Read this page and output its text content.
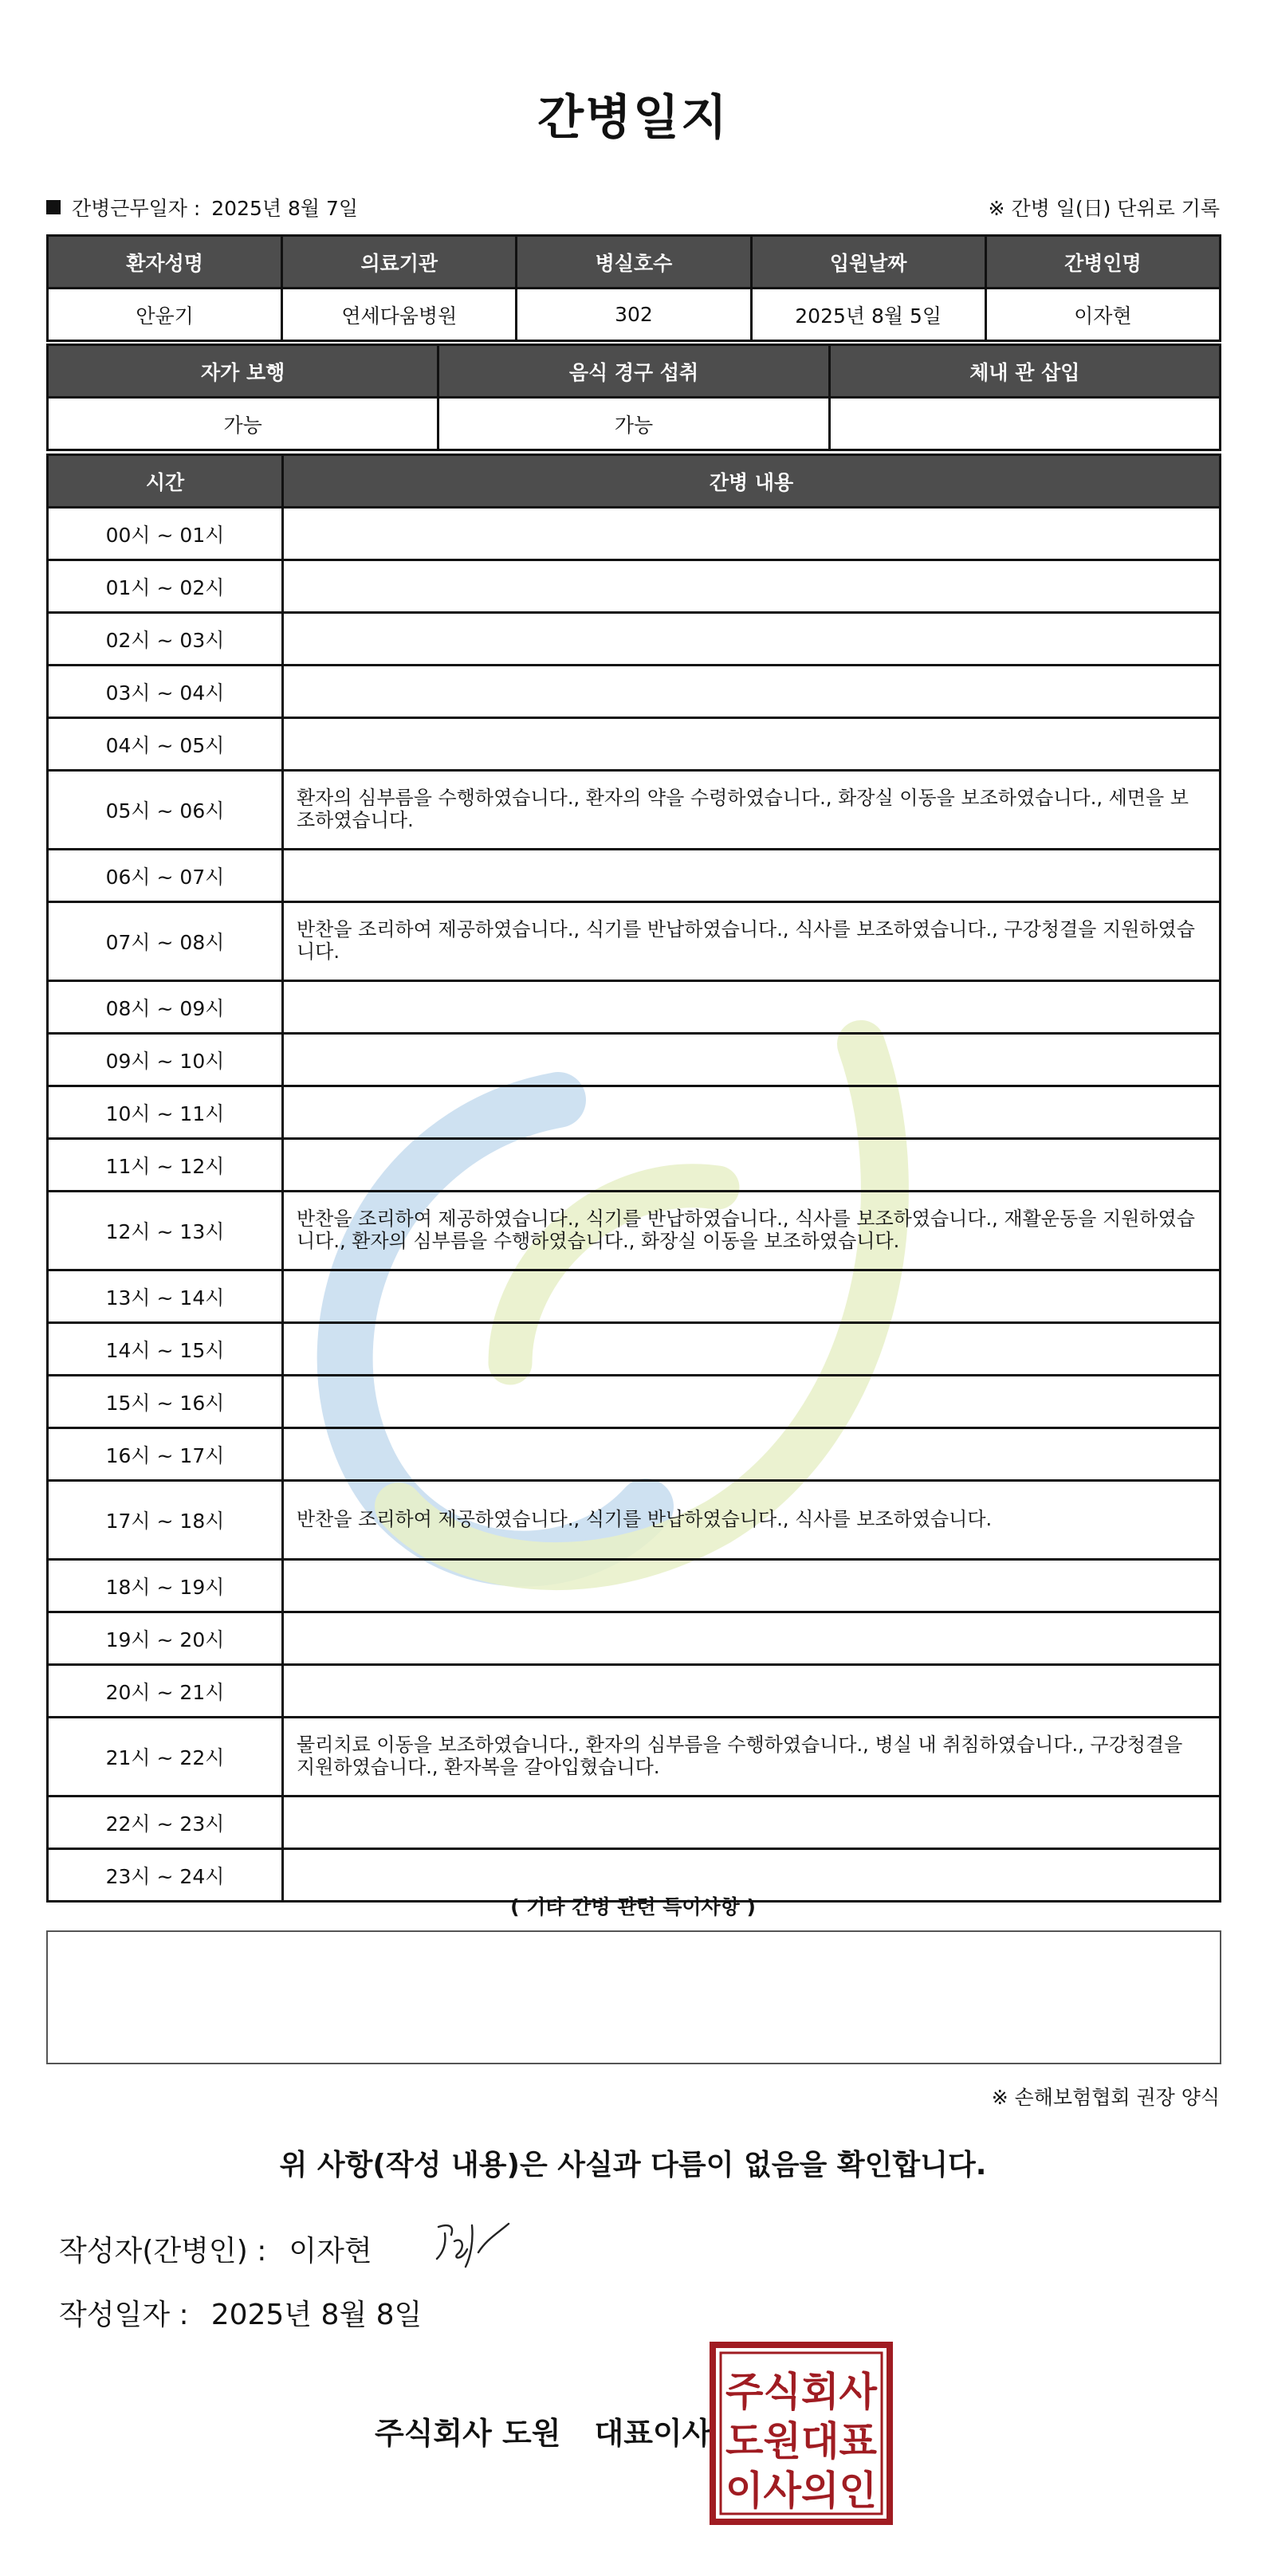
간병일지
간병근무일자 : 2025년 8월 7일	※ 간병 일(日) 단위로 기록
환자성명	의료기관	병실호수	입원날짜	간병인명
안윤기	연세다움병원	302	2025년 8월 5일	이자현
자가 보행	음식 경구 섭취	체내 관 삽입
가능	가능	
시간	간병 내용
00시 ~ 01시	
01시 ~ 02시	
02시 ~ 03시	
03시 ~ 04시	
04시 ~ 05시	
05시 ~ 06시	환자의 심부름을 수행하였습니다., 환자의 약을 수령하였습니다., 화장실 이동을 보조하였습니다., 세면을 보조하였습니다.
06시 ~ 07시	
07시 ~ 08시	반찬을 조리하여 제공하였습니다., 식기를 반납하였습니다., 식사를 보조하였습니다., 구강청결을 지원하였습니다.
08시 ~ 09시	
09시 ~ 10시	
10시 ~ 11시	
11시 ~ 12시	
12시 ~ 13시	반찬을 조리하여 제공하였습니다., 식기를 반납하였습니다., 식사를 보조하였습니다., 재활운동을 지원하였습니다., 환자의 심부름을 수행하였습니다., 화장실 이동을 보조하였습니다.
13시 ~ 14시	
14시 ~ 15시	
15시 ~ 16시	
16시 ~ 17시	
17시 ~ 18시	반찬을 조리하여 제공하였습니다., 식기를 반납하였습니다., 식사를 보조하였습니다.
18시 ~ 19시	
19시 ~ 20시	
20시 ~ 21시	
21시 ~ 22시	물리치료 이동을 보조하였습니다., 환자의 심부름을 수행하였습니다., 병실 내 취침하였습니다., 구강청결을 지원하였습니다., 환자복을 갈아입혔습니다.
22시 ~ 23시	
23시 ~ 24시	
( 기타 간병 관련 특이사항 )
※ 손해보험협회 권장 양식
위 사항(작성 내용)은 사실과 다름이 없음을 확인합니다.
작성자(간병인) : 이자현
작성일자 : 2025년 8월 8일
주식회사 도원 대표이사
주식회사
도원대표
이사의인
